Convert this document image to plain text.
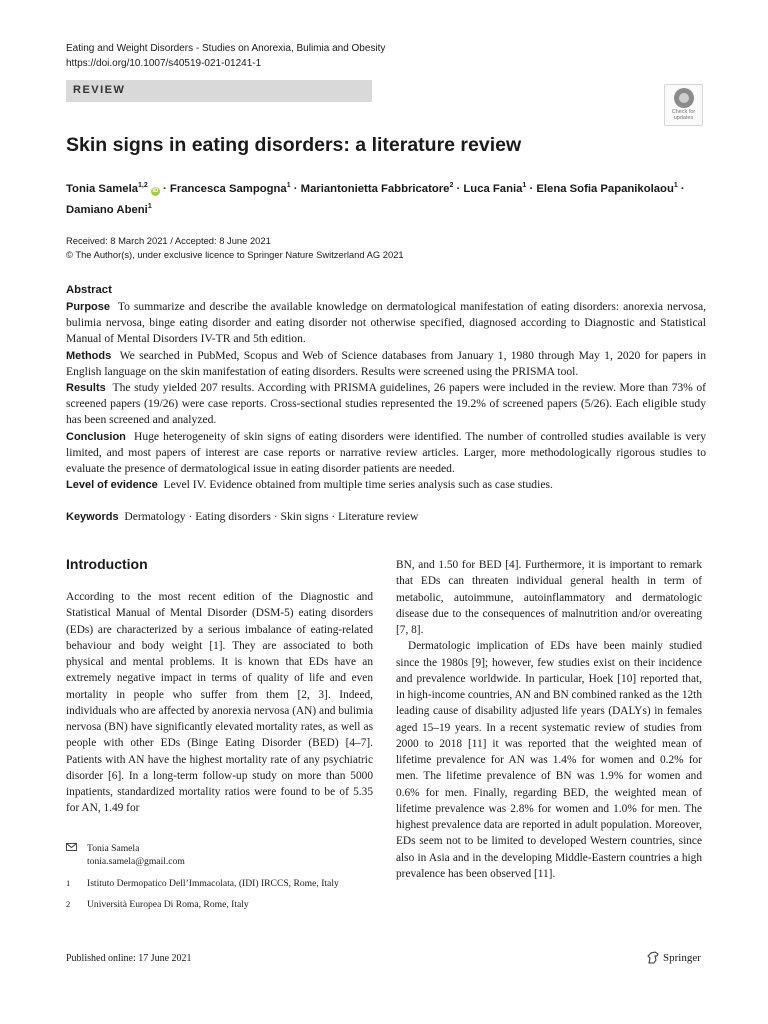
Eating and Weight Disorders - Studies on Anorexia, Bulimia and Obesity
https://doi.org/10.1007/s40519-021-01241-1
REVIEW
Check for
updates
Skin signs in eating disorders: a literature review
Tonia Samela$^{1,2}$ iD · Francesca Sampogna$^1$ · Mariantonietta Fabbricatore$^2$ · Luca Fania$^1$ · Elena Sofia Papanikolaou$^1$ ·
Damiano Abeni$^1$
Received: 8 March 2021 / Accepted: 8 June 2021
© The Author(s), under exclusive licence to Springer Nature Switzerland AG 2021
Abstract

Purpose To summarize and describe the available knowledge on dermatological manifestation of eating disorders: anorexia nervosa, bulimia nervosa, binge eating disorder and eating disorder not otherwise specified, diagnosed according to Diagnostic and Statistical Manual of Mental Disorders IV-TR and 5th edition.

Methods We searched in PubMed, Scopus and Web of Science databases from January 1, 1980 through May 1, 2020 for papers in English language on the skin manifestation of eating disorders. Results were screened using the PRISMA tool.

Results The study yielded 207 results. According with PRISMA guidelines, 26 papers were included in the review. More than 73% of screened papers (19/26) were case reports. Cross-sectional studies represented the 19.2% of screened papers (5/26). Each eligible study has been screened and analyzed.

Conclusion Huge heterogeneity of skin signs of eating disorders were identified. The number of controlled studies available is very limited, and most papers of interest are case reports or narrative review articles. Larger, more methodologically rigorous studies to evaluate the presence of dermatological issue in eating disorder patients are needed.

Level of evidence Level IV. Evidence obtained from multiple time series analysis such as case studies.

Keywords Dermatology · Eating disorders · Skin signs · Literature review
Introduction

According to the most recent edition of the Diagnostic and Statistical Manual of Mental Disorder (DSM-5) eating disorders (EDs) are characterized by a serious imbalance of eating-related behaviour and body weight [1]. They are associated to both physical and mental problems. It is known that EDs have an extremely negative impact in terms of quality of life and even mortality in people who suffer from them [2, 3]. Indeed, individuals who are affected by anorexia nervosa (AN) and bulimia nervosa (BN) have significantly elevated mortality rates, as well as people with other EDs (Binge Eating Disorder (BED) [4–7]. Patients with AN have the highest mortality rate of any psychiatric disorder [6]. In a long-term follow-up study on more than 5000 inpatients, standardized mortality ratios were found to be of 5.35 for AN, 1.49 for

BN, and 1.50 for BED [4]. Furthermore, it is important to remark that EDs can threaten individual general health in term of metabolic, autoimmune, autoinflammatory and dermatologic disease due to the consequences of malnutrition and/or overeating [7, 8].

Dermatologic implication of EDs have been mainly studied since the 1980s [9]; however, few studies exist on their incidence and prevalence worldwide. In particular, Hoek [10] reported that, in high-income countries, AN and BN combined ranked as the 12th leading cause of disability adjusted life years (DALYs) in females aged 15–19 years. In a recent systematic review of studies from 2000 to 2018 [11] it was reported that the weighted mean of lifetime prevalence for AN was 1.4% for women and 0.2% for men. The lifetime prevalence of BN was 1.9% for women and 0.6% for men. Finally, regarding BED, the weighted mean of lifetime prevalence was 2.8% for women and 1.0% for men. The highest prevalence data are reported in adult population. Moreover, EDs seem not to be limited to developed Western countries, since also in Asia and in the developing Middle-Eastern countries a high prevalence has been observed [11].

Tonia Samela
tonia.samela@gmail.com
1	Istituto Dermopatico Dell’Immacolata, (IDI) IRCCS, Rome, Italy
2	Università Europea Di Roma, Rome, Italy
Published online: 17 June 2021	Springer
